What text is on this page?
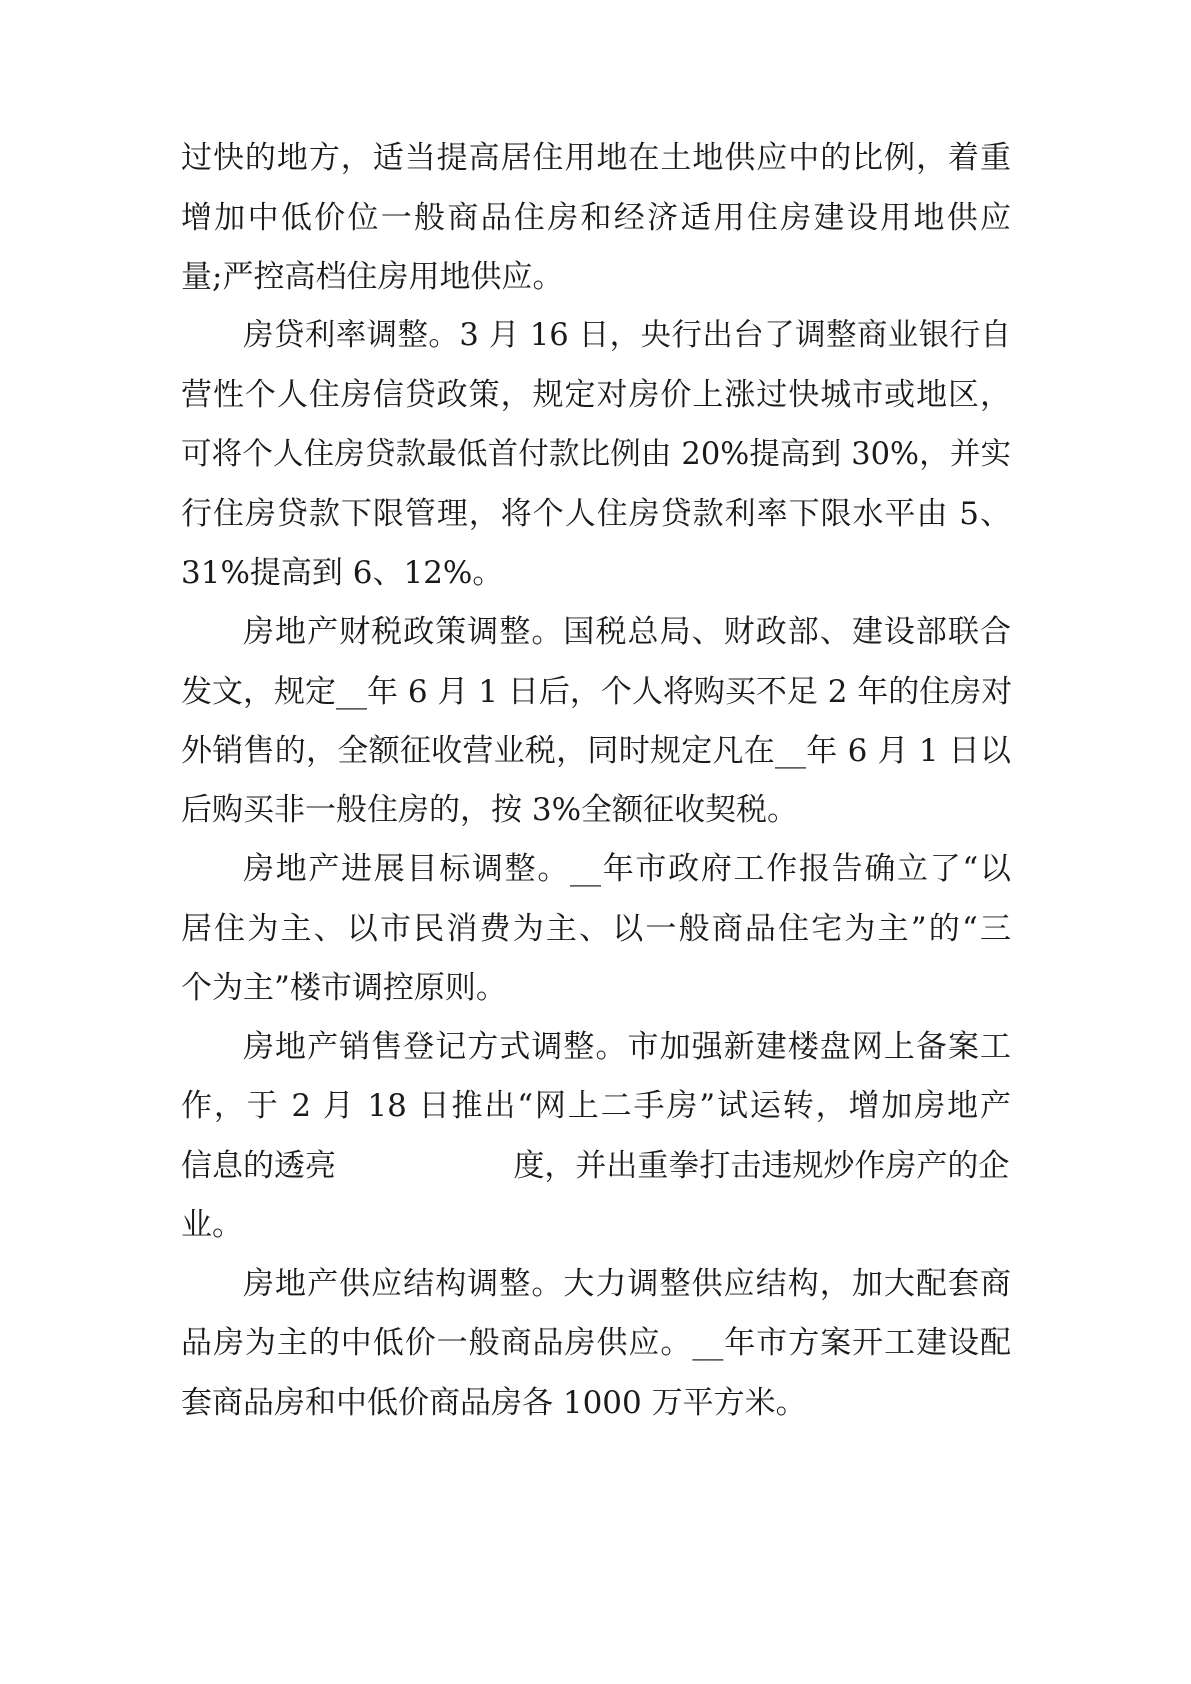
过快的地方，适当提高居住用地在土地供应中的比例，着重
增加中低价位一般商品住房和经济适用住房建设用地供应
量;严控高档住房用地供应。
房贷利率调整。3 月 16 日，央行出台了调整商业银行自
营性个人住房信贷政策，规定对房价上涨过快城市或地区，
可将个人住房贷款最低首付款比例由 20%提高到 30%，并实
行住房贷款下限管理，将个人住房贷款利率下限水平由 5、
31%提高到 6、12%。
房地产财税政策调整。国税总局、财政部、建设部联合
发文，规定__年 6 月 1 日后，个人将购买不足 2 年的住房对
外销售的，全额征收营业税，同时规定凡在__年 6 月 1 日以
后购买非一般住房的，按 3%全额征收契税。
房地产进展目标调整。__年市政府工作报告确立了“以
居住为主、以市民消费为主、以一般商品住宅为主”的“三
个为主”楼市调控原则。
房地产销售登记方式调整。市加强新建楼盘网上备案工
作，于 2 月 18 日推出“网上二手房”试运转，增加房地产
信息的透亮                  度，并出重拳打击违规炒作房产的企
业。
房地产供应结构调整。大力调整供应结构，加大配套商
品房为主的中低价一般商品房供应。__年市方案开工建设配
套商品房和中低价商品房各 1000 万平方米。
